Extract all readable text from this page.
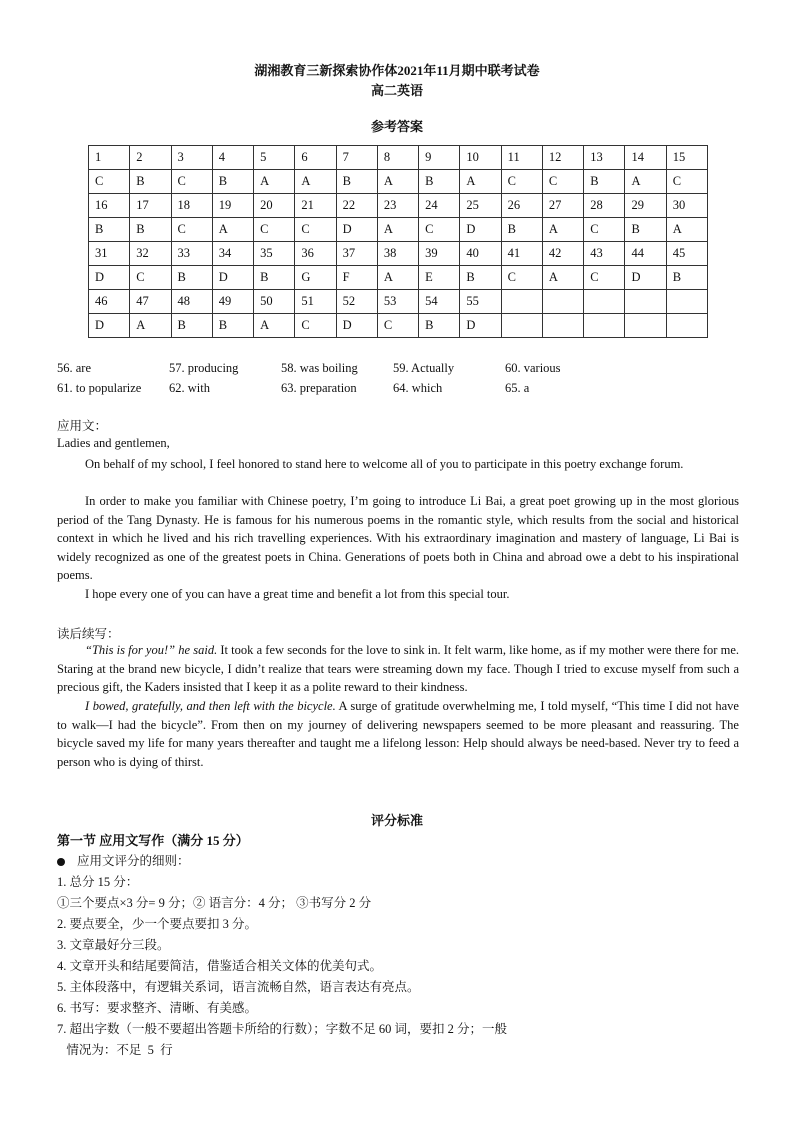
湖湘教育三新探索协作体2021年11月期中联考试卷
高二英语
参考答案
1	2	3	4	5	6	7	8	9	10	11	12	13	14	15
C	B	C	B	A	A	B	A	B	A	C	C	B	A	C
16	17	18	19	20	21	22	23	24	25	26	27	28	29	30
B	B	C	A	C	C	D	A	C	D	B	A	C	B	A
31	32	33	34	35	36	37	38	39	40	41	42	43	44	45
D	C	B	D	B	G	F	A	E	B	C	A	C	D	B
46	47	48	49	50	51	52	53	54	55					
D	A	B	B	A	C	D	C	B	D					
56. are	57. producing	58. was boiling	59. Actually	60. various
61. to popularize	62. with	63. preparation	64. which	65. a
应用文：
Ladies and gentlemen,
On behalf of my school, I feel honored to stand here to welcome all of you to participate in this poetry exchange forum.
In order to make you familiar with Chinese poetry, I’m going to introduce Li Bai, a great poet growing up in the most glorious period of the Tang Dynasty. He is famous for his numerous poems in the romantic style, which results from the social and historical context in which he lived and his rich travelling experiences. With his extraordinary imagination and mastery of language, Li Bai is widely recognized as one of the greatest poets in China. Generations of poets both in China and abroad owe a debt to his inspirational poems.
I hope every one of you can have a great time and benefit a lot from this special tour.
读后续写：
“This is for you!” he said. It took a few seconds for the love to sink in. It felt warm, like home, as if my mother were there for me. Staring at the brand new bicycle, I didn’t realize that tears were streaming down my face. Though I tried to excuse myself from such a precious gift, the Kaders insisted that I keep it as a polite reward to their kindness.
I bowed, gratefully, and then left with the bicycle. A surge of gratitude overwhelming me, I told myself, “This time I did not have to walk—I had the bicycle”. From then on my journey of delivering newspapers seemed to be more pleasant and reassuring. The bicycle saved my life for many years thereafter and taught me a lifelong lesson: Help should always be need-based. Never try to feed a person who is dying of thirst.
评分标准
第一节 应用文写作（满分 15 分）
应用文评分的细则：
1. 总分 15 分：
①三个要点×3 分= 9 分；② 语言分：4 分； ③书写分 2 分
2. 要点要全，少一个要点要扣 3 分。
3. 文章最好分三段。
4. 文章开头和结尾要简洁，借鉴适合相关文体的优美句式。
5. 主体段落中，有逻辑关系词，语言流畅自然，语言表达有亮点。
6. 书写：要求整齐、清晰、有美感。
7. 超出字数（一般不要超出答题卡所给的行数）；字数不足 60 词，要扣 2 分；一般
情况为：不足  5  行
